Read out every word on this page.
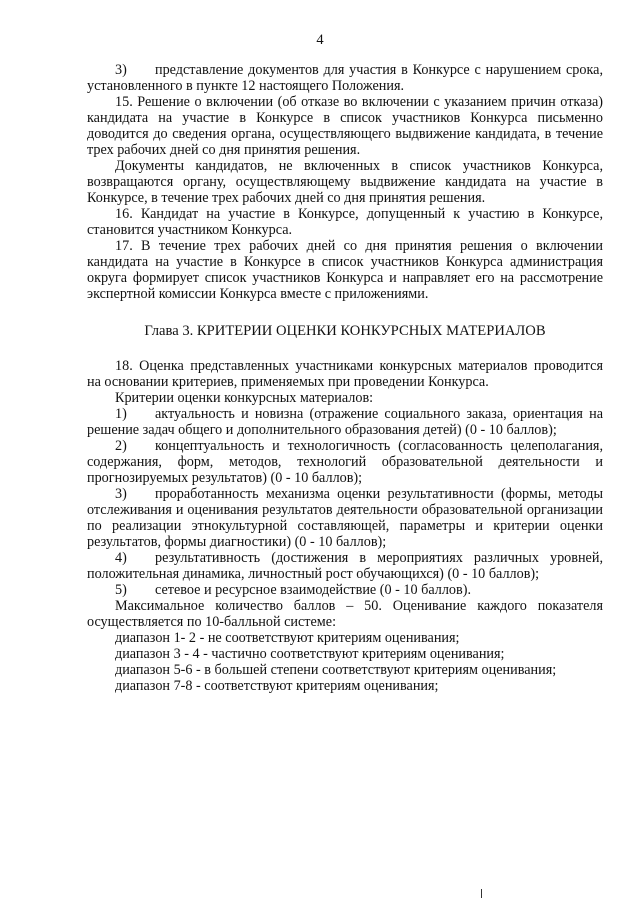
4

3) представление документов для участия в Конкурсе с нарушением срока, установленного в пункте 12 настоящего Положения.

15. Решение о включении (об отказе во включении с указанием причин отказа) кандидата на участие в Конкурсе в список участников Конкурса письменно доводится до сведения органа, осуществляющего выдвижение кандидата, в течение трех рабочих дней со дня принятия решения.

Документы кандидатов, не включенных в список участников Конкурса, возвращаются органу, осуществляющему выдвижение кандидата на участие в Конкурсе, в течение трех рабочих дней со дня принятия решения.

16. Кандидат на участие в Конкурсе, допущенный к участию в Конкурсе, становится участником Конкурса.

17. В течение трех рабочих дней со дня принятия решения о включении кандидата на участие в Конкурсе в список участников Конкурса администрация округа формирует список участников Конкурса и направляет его на рассмотрение экспертной комиссии Конкурса вместе с приложениями.

Глава 3. КРИТЕРИИ ОЦЕНКИ КОНКУРСНЫХ МАТЕРИАЛОВ

18. Оценка представленных участниками конкурсных материалов проводится на основании критериев, применяемых при проведении Конкурса.

Критерии оценки конкурсных материалов:

1) актуальность и новизна (отражение социального заказа, ориентация на решение задач общего и дополнительного образования детей) (0 - 10 баллов);

2) концептуальность и технологичность (согласованность целеполагания, содержания, форм, методов, технологий образовательной деятельности и прогнозируемых результатов) (0 - 10 баллов);

3) проработанность механизма оценки результативности (формы, методы отслеживания и оценивания результатов деятельности образовательной организации по реализации этнокультурной составляющей, параметры и критерии оценки результатов, формы диагностики) (0 - 10 баллов);

4) результативность (достижения в мероприятиях различных уровней, положительная динамика, личностный рост обучающихся) (0 - 10 баллов);

5) сетевое и ресурсное взаимодействие (0 - 10 баллов).

Максимальное количество баллов – 50. Оценивание каждого показателя осуществляется по 10-балльной системе:

диапазон 1- 2 - не соответствуют критериям оценивания;

диапазон 3 - 4 - частично соответствуют критериям оценивания;

диапазон 5-6 - в большей степени соответствуют критериям оценивания;

диапазон 7-8 - соответствуют критериям оценивания;
